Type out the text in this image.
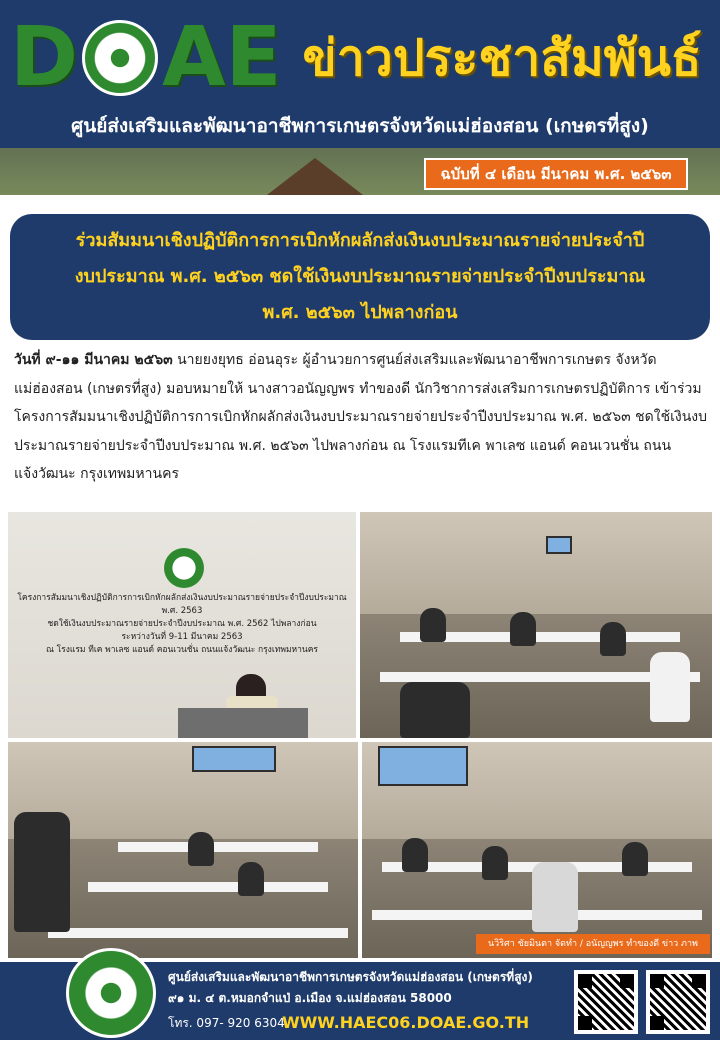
D AE ข่าวประชาสัมพันธ์
ศูนย์ส่งเสริมและพัฒนาอาชีพการเกษตรจังหวัดแม่ฮ่องสอน (เกษตรที่สูง)
ฉบับที่ ๔ เดือน มีนาคม พ.ศ. ๒๕๖๓
ร่วมสัมมนาเชิงปฏิบัติการการเบิกหักผลักส่งเงินงบประมาณรายจ่ายประจำปี
งบประมาณ พ.ศ. ๒๕๖๓ ชดใช้เงินงบประมาณรายจ่ายประจำปีงบประมาณ
พ.ศ. ๒๕๖๓ ไปพลางก่อน
วันที่ ๙-๑๑ มีนาคม ๒๕๖๓ นายยงยุทธ อ่อนอุระ ผู้อำนวยการศูนย์ส่งเสริมและพัฒนาอาชีพการเกษตร จังหวัดแม่ฮ่องสอน (เกษตรที่สูง) มอบหมายให้ นางสาวอนัญญพร ทำของดี นักวิชาการส่งเสริมการเกษตรปฏิบัติการ เข้าร่วมโครงการสัมมนาเชิงปฏิบัติการการเบิกหักผลักส่งเงินงบประมาณรายจ่ายประจำปีงบประมาณ พ.ศ. ๒๕๖๓ ชดใช้เงินงบประมาณรายจ่ายประจำปีงบประมาณ พ.ศ. ๒๕๖๓ ไปพลางก่อน ณ โรงแรมทีเค พาเลซ แอนด์ คอนเวนชั่น ถนนแจ้งวัฒนะ กรุงเทพมหานคร
โครงการสัมมนาเชิงปฏิบัติการการเบิกหักผลักส่งเงินงบประมาณรายจ่ายประจำปีงบประมาณ พ.ศ. 2563
ชดใช้เงินงบประมาณรายจ่ายประจำปีงบประมาณ พ.ศ. 2562 ไปพลางก่อน
ระหว่างวันที่ 9-11 มีนาคม 2563
ณ โรงแรม ทีเค พาเลซ แอนด์ คอนเวนชั่น ถนนแจ้งวัฒนะ กรุงเทพมหานคร
นวิริศา ชัยมินตา จัดทำ / อนัญญพร ทำของดี ข่าว ภาพ
ศูนย์ส่งเสริมและพัฒนาอาชีพการเกษตรจังหวัดแม่ฮ่องสอน (เกษตรที่สูง)
๙๑ ม. ๔ ต.หมอกจำแป่ อ.เมือง จ.แม่ฮ่องสอน 58000
โทร. 097- 920 6304
WWW.HAEC06.DOAE.GO.TH
